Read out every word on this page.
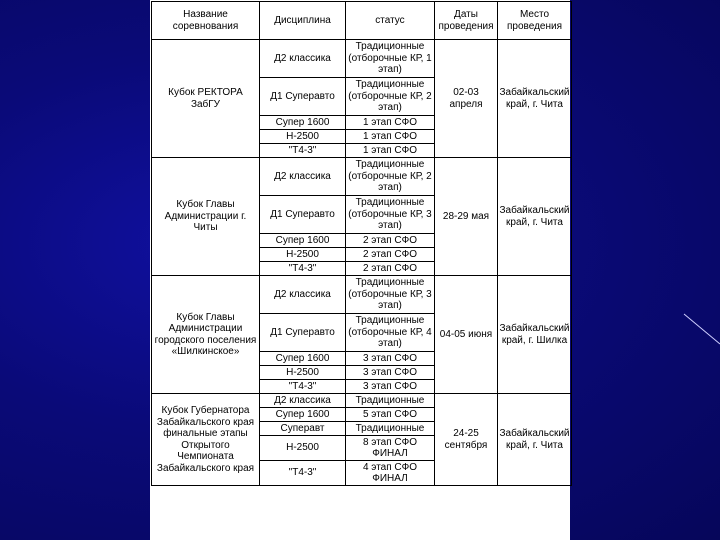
Название соревнования	Дисциплина	статус	Даты проведения	Место проведения
Кубок РЕКТОРА ЗабГУ	Д2 классика	Традиционные (отборочные КР, 1 этап)	02-03 апреля	Забайкальский край, г. Чита
	Д1 Суперавто	Традиционные (отборочные КР, 2 этап)		
	Супер 1600	1 этап СФО		
	Н-2500	1 этап СФО		
	"Т4-3"	1 этап СФО		
Кубок Главы Администрации г. Читы	Д2 классика	Традиционные (отборочные КР, 2 этап)	28-29 мая	Забайкальский край, г. Чита
	Д1 Суперавто	Традиционные (отборочные КР, 3 этап)		
	Супер 1600	2 этап СФО		
	Н-2500	2 этап СФО		
	"Т4-3"	2 этап СФО		
Кубок Главы Администрации городского поселения «Шилкинское»	Д2 классика	Традиционные (отборочные КР, 3 этап)	04-05 июня	Забайкальский край, г. Шилка
	Д1 Суперавто	Традиционные (отборочные КР, 4 этап)		
	Супер 1600	3 этап СФО		
	Н-2500	3 этап СФО		
	"Т4-3"	3 этап СФО		
Кубок Губернатора Забайкальского края финальные этапы Открытого Чемпионата Забайкальского края	Д2 классика	Традиционные	24-25 сентября	Забайкальский край, г. Чита
	Супер 1600	5 этап СФО		
	Суперавт	Традиционные		
	Н-2500	8 этап СФО ФИНАЛ		
	"Т4-3"	4 этап СФО ФИНАЛ		
